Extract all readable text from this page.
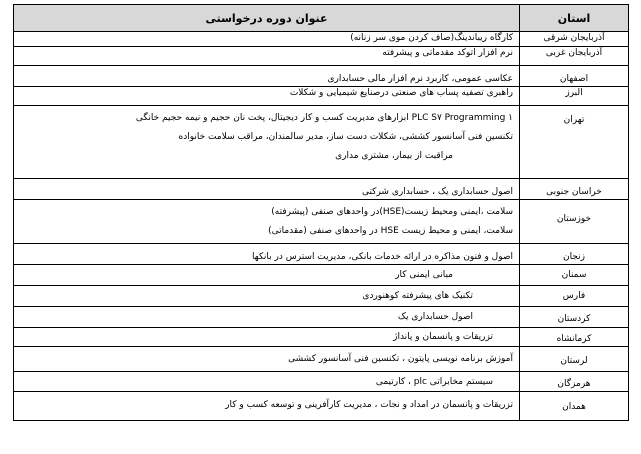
استان	عنوان دوره درخواستی
آذربایجان شرقی	کارگاه ریباندینگ(صاف کردن موی سر زنانه)

آذربایجان غربی	نرم افزار اتوکد مقدماتی و پیشرفته

اصفهان	عکاسی عمومی، کاربرد نرم افزار مالی حسابداری

البرز	راهبری تصفیه پساب های صنعتی درصنایع شیمیایی و شکلات

تهران	PLC S۷ Programming ۱ ابزارهای مدیریت کسب و کار دیجیتال، پخت نان حجیم و نیمه حجیم خانگی
تکنسین فنی آسانسور کششی، شکلات دست ساز، مدیر سالمندان، مراقب سلامت خانواده
مراقبت از بیمار، مشتری مداری

خراسان جنوبی	اصول حسابداری یک ، حسابداری شرکتی

خوزستان	سلامت ،ایمنی ومحیط زیست(HSE)در واحدهای صنفی (پیشرفته)
سلامت، ایمنی و محیط زیست HSE در واحدهای صنفی (مقدماتی)

زنجان	اصول و فنون مذاکره در ارائه خدمات بانکی، مدیریت استرس در بانکها

سمنان	مبانی ایمنی کار

فارس	تکنیک های پیشرفته کوهنوردی

کردستان	اصول حسابداری یک

کرمانشاه	تزریقات و پانسمان و پانداژ

لرستان	آموزش برنامه نویسی پایتون ، تکنسین فنی آسانسور کششی

هرمزگان	سیستم مخابراتی plc ، کارتیمی

همدان	تزریقات و پانسمان در امداد و نجات ، مدیریت کارآفرینی و توسعه کسب و کار
